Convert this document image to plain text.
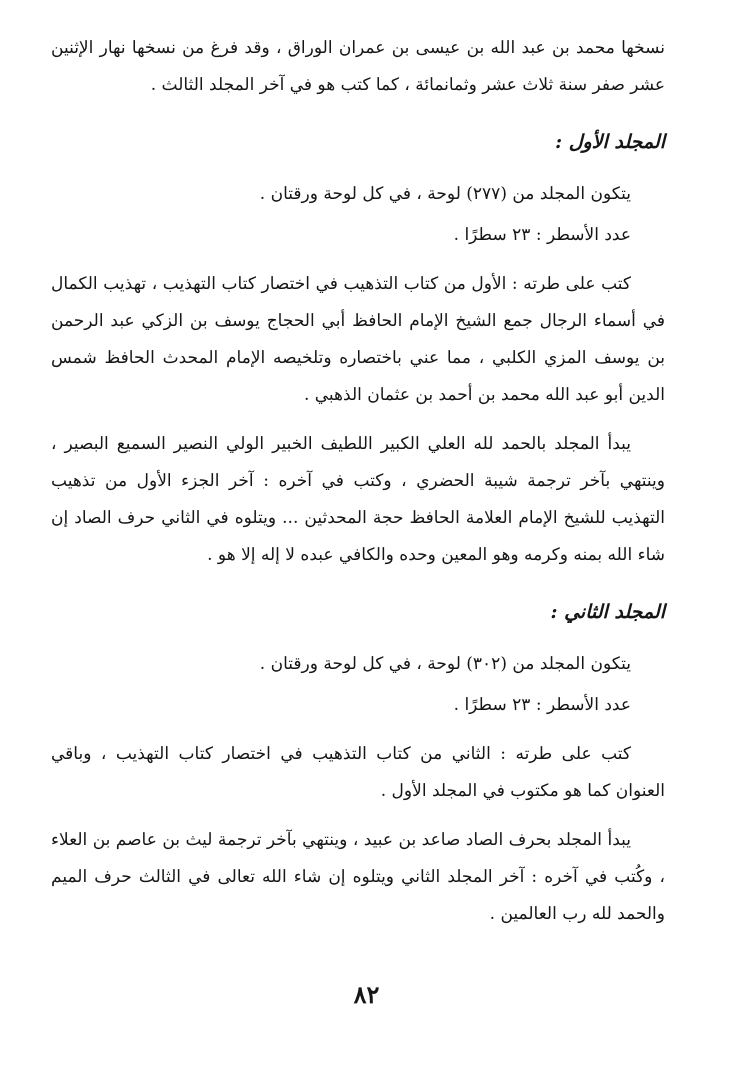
نسخها محمد بن عبد الله بن عيسى بن عمران الوراق ، وقد فرغ من نسخها نهار الإثنين عشر صفر سنة ثلاث عشر وثمانمائة ، كما كتب هو في آخر المجلد الثالث .

المجلد الأول :

يتكون المجلد من (٢٧٧) لوحة ، في كل لوحة ورقتان .

عدد الأسطر : ٢٣ سطرًا .

كتب على طرته : الأول من كتاب التذهيب في اختصار كتاب التهذيب ، تهذيب الكمال في أسماء الرجال جمع الشيخ الإمام الحافظ أبي الحجاج يوسف بن الزكي عبد الرحمن بن يوسف المزي الكلبي ، مما عني باختصاره وتلخيصه الإمام المحدث الحافظ شمس الدين أبو عبد الله محمد بن أحمد بن عثمان الذهبي .

يبدأ المجلد بالحمد لله العلي الكبير اللطيف الخبير الولي النصير السميع البصير ، وينتهي بآخر ترجمة شيبة الحضري ، وكتب في آخره : آخر الجزء الأول من تذهيب التهذيب للشيخ الإمام العلامة الحافظ حجة المحدثين ... ويتلوه في الثاني حرف الصاد إن شاء الله بمنه وكرمه وهو المعين وحده والكافي عبده لا إله إلا هو .

المجلد الثاني :

يتكون المجلد من (٣٠٢) لوحة ، في كل لوحة ورقتان .

عدد الأسطر : ٢٣ سطرًا .

كتب على طرته : الثاني من كتاب التذهيب في اختصار كتاب التهذيب ، وباقي العنوان كما هو مكتوب في المجلد الأول .

يبدأ المجلد بحرف الصاد صاعد بن عبيد ، وينتهي بآخر ترجمة ليث بن عاصم بن العلاء ، وكُتب في آخره : آخر المجلد الثاني ويتلوه إن شاء الله تعالى في الثالث حرف الميم والحمد لله رب العالمين .

٨٢
